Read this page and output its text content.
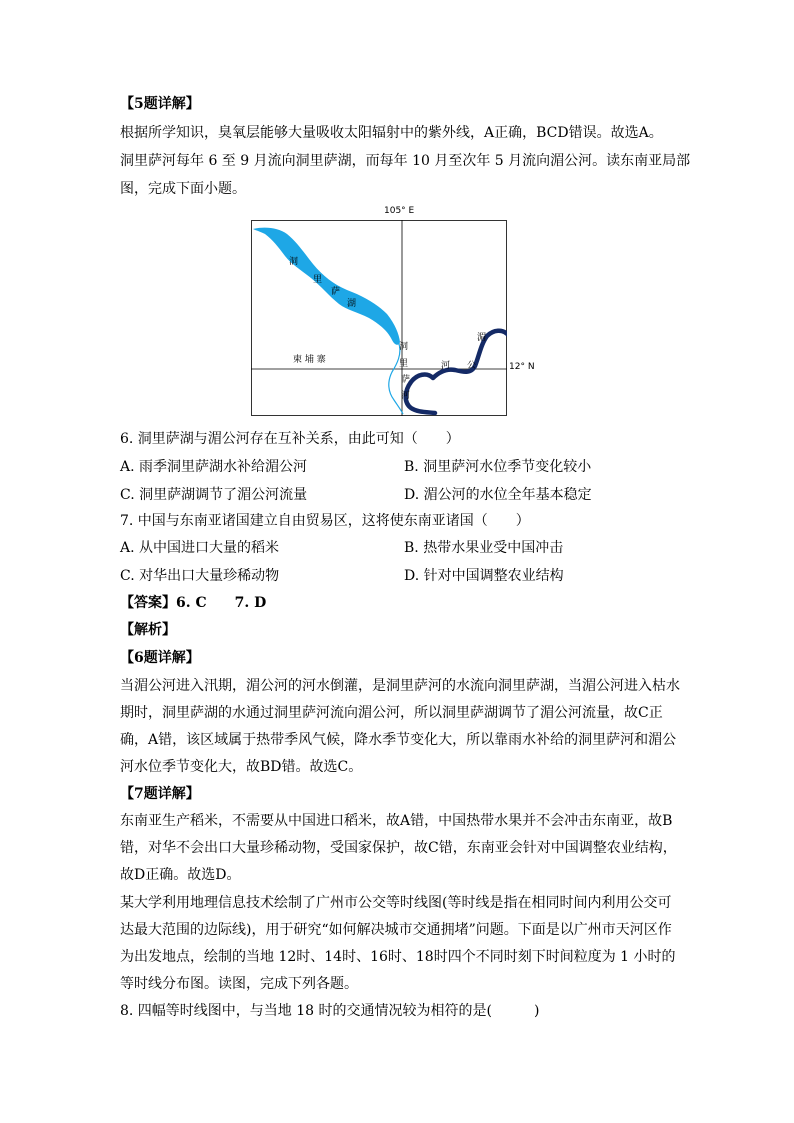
【5题详解】
根据所学知识，臭氧层能够大量吸收太阳辐射中的紫外线，A正确，BCD错误。故选A。
洞里萨河每年 6 至 9 月流向洞里萨湖，而每年 10 月至次年 5 月流向湄公河。读东南亚局部
图，完成下面小题。
洞
里
萨
湖
洞
里
萨
河
柬 埔 寨
湄
公
河
105° E
12° N
6. 洞里萨湖与湄公河存在互补关系，由此可知（　　）
A. 雨季洞里萨湖水补给湄公河	B. 洞里萨河水位季节变化较小
C. 洞里萨湖调节了湄公河流量	D. 湄公河的水位全年基本稳定
7. 中国与东南亚诸国建立自由贸易区，这将使东南亚诸国（　　）
A. 从中国进口大量的稻米	B. 热带水果业受中国冲击
C. 对华出口大量珍稀动物	D. 针对中国调整农业结构
【答案】6. C　　7. D
【解析】
【6题详解】
当湄公河进入汛期，湄公河的河水倒灌，是洞里萨河的水流向洞里萨湖，当湄公河进入枯水
期时，洞里萨湖的水通过洞里萨河流向湄公河，所以洞里萨湖调节了湄公河流量，故C正
确，A错，该区域属于热带季风气候，降水季节变化大，所以靠雨水补给的洞里萨河和湄公
河水位季节变化大，故BD错。故选C。
【7题详解】
东南亚生产稻米，不需要从中国进口稻米，故A错，中国热带水果并不会冲击东南亚，故B
错，对华不会出口大量珍稀动物，受国家保护，故C错，东南亚会针对中国调整农业结构，
故D正确。故选D。
某大学利用地理信息技术绘制了广州市公交等时线图(等时线是指在相同时间内利用公交可
达最大范围的边际线)，用于研究“如何解决城市交通拥堵”问题。下面是以广州市天河区作
为出发地点，绘制的当地 12时、14时、16时、18时四个不同时刻下时间粒度为 1 小时的
等时线分布图。读图，完成下列各题。
8. 四幅等时线图中，与当地 18 时的交通情况较为相符的是(　　　)
